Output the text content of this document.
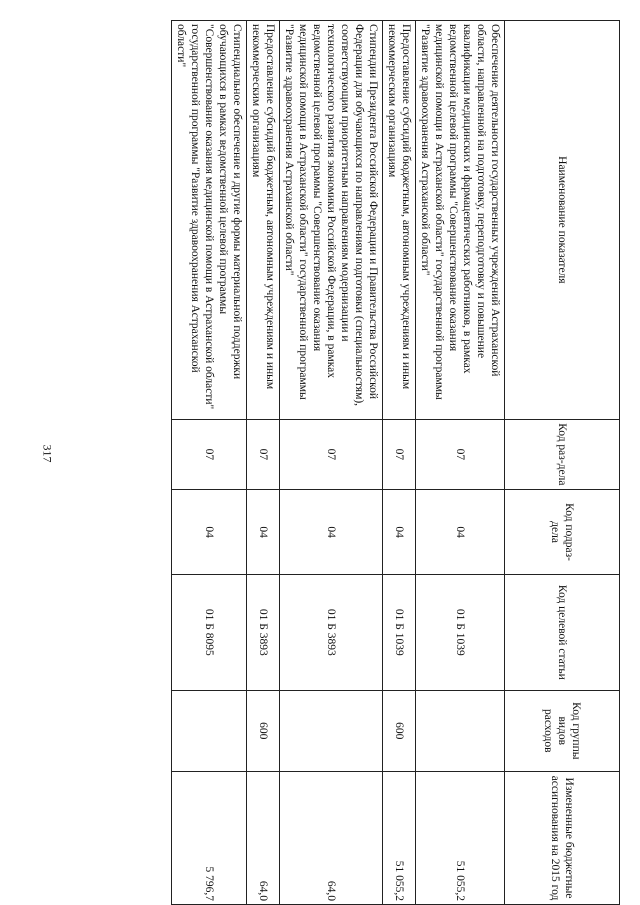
317
Наименование показателя	Код раз-дела	Код подраз-дела	Код целевой статьи	Код группы видов расходов	Измененные бюджетные ассигнования на 2015 год
Обеспечение деятельности государственных учреждений Астраханской области, направленной на подготовку, переподготовку и повышение квалификации медицинских и фармацевтических работников, в рамках ведомственной целевой программы "Совершенствование оказания медицинской помощи в Астраханской области" государственной программы "Развитие здравоохранения Астраханской области"	07	04	01 Б 1039		51 055,2
Предоставление субсидий бюджетным, автономным учреждениям и иным некоммерческим организациям	07	04	01 Б 1039	600	51 055,2
Стипендии Президента Российской Федерации и Правительства Российской Федерации для обучающихся по направлениям подготовки (специальностям), соответствующим приоритетным направлениям модернизации и технологического развития экономики Российской Федерации, в рамках ведомственной целевой программы "Совершенствование оказания медицинской помощи в Астраханской области" государственной программы "Развитие здравоохранения Астраханской области"	07	04	01 Б 3893		64,0
Предоставление субсидий бюджетным, автономным учреждениям и иным некоммерческим организациям	07	04	01 Б 3893	600	64,0
Стипендиальное обеспечение и другие формы материальной поддержки обучающихся в рамках ведомственной целевой программы "Совершенствование оказания медицинской помощи в Астраханской области" государственной программы "Развитие здравоохранения Астраханской области"	07	04	01 Б 8095		5 796,7
